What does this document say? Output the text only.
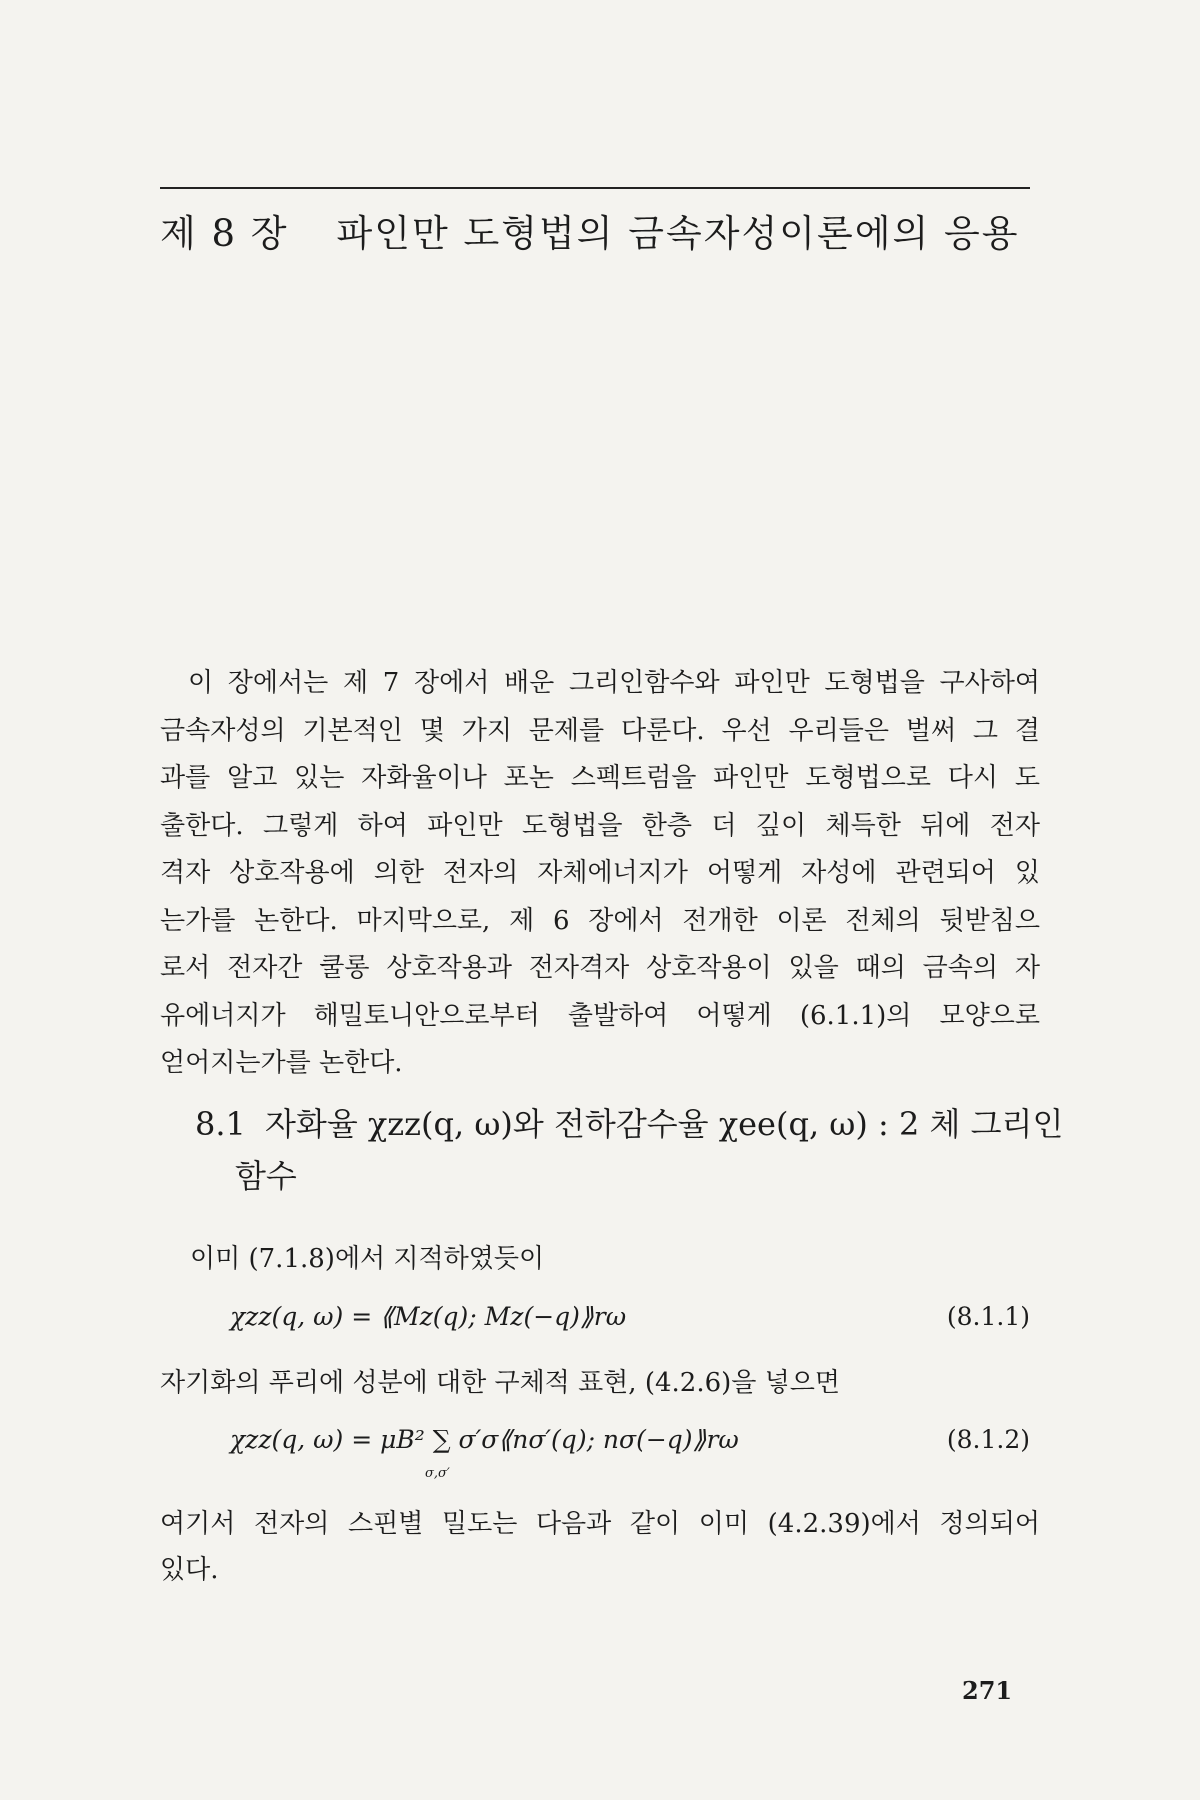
제 8 장 파인만 도형법의 금속자성이론에의 응용
이 장에서는 제 7 장에서 배운 그리인함수와 파인만 도형법을 구사하여
금속자성의 기본적인 몇 가지 문제를 다룬다. 우선 우리들은 벌써 그 결
과를 알고 있는 자화율이나 포논 스펙트럼을 파인만 도형법으로 다시 도
출한다. 그렇게 하여 파인만 도형법을 한층 더 깊이 체득한 뒤에 전자
격자 상호작용에 의한 전자의 자체에너지가 어떻게 자성에 관련되어 있
는가를 논한다. 마지막으로, 제 6 장에서 전개한 이론 전체의 뒷받침으
로서 전자간 쿨롱 상호작용과 전자격자 상호작용이 있을 때의 금속의 자
유에너지가 해밀토니안으로부터 출발하여 어떻게 (6.1.1)의 모양으로
얻어지는가를 논한다.
8.1 자화율 χzz(q, ω)와 전하감수율 χee(q, ω) : 2 체 그리인
함수
이미 (7.1.8)에서 지적하였듯이
χzz(q, ω) = ⟪Mz(q); Mz(−q)⟫rω	(8.1.1)
자기화의 푸리에 성분에 대한 구체적 표현, (4.2.6)을 넣으면
χzz(q, ω) = μB² ∑ σ′σ⟪nσ′(q); nσ(−q)⟫rω
σ,σ′
(8.1.2)
여기서 전자의 스핀별 밀도는 다음과 같이 이미 (4.2.39)에서 정의되어
있다.
271
